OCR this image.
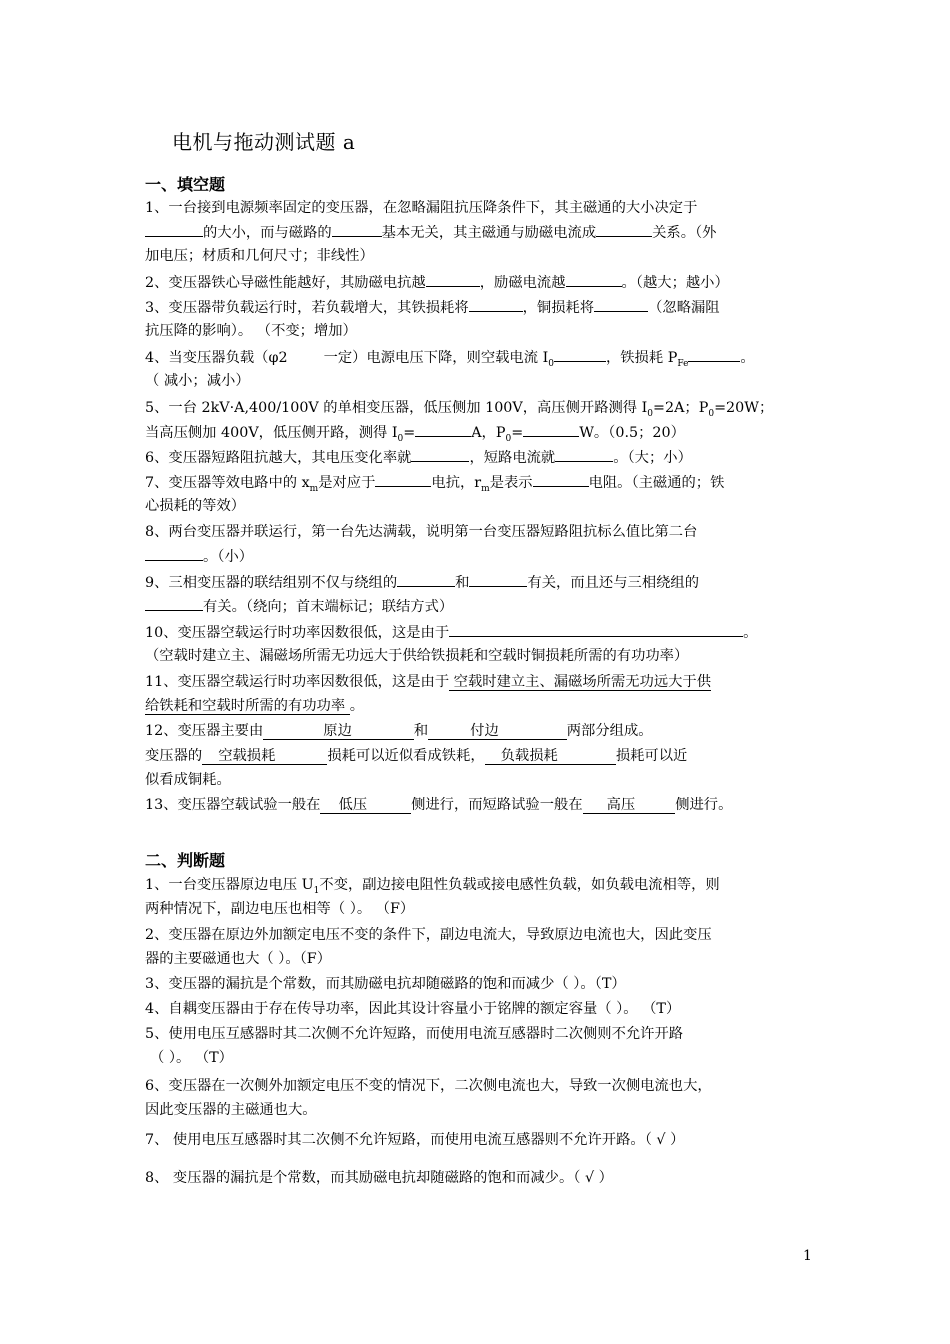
电机与拖动测试题 a
一、填空题
1、一台接到电源频率固定的变压器，在忽略漏阻抗压降条件下，其主磁通的大小决定于
的大小，而与磁路的	基本无关，其主磁通与励磁电流成	关系。（外
加电压；材质和几何尺寸；非线性）
2、变压器铁心导磁性能越好，其励磁电抗越	，励磁电流越	。（越大；越小）
3、变压器带负载运行时，若负载增大，其铁损耗将	，铜损耗将	（忽略漏阻
抗压降的影响）。 （不变；增加）
4、当变压器负载（φ2	一定）电源电压下降，则空载电流 $I_0$	，铁损耗 $P_{Fe}$	。
（ 减小；减小）
5、一台 2kV·A,400/100V 的单相变压器，低压侧加 100V，高压侧开路测得 $I_0=2A$；$P_0=20W$；
当高压侧加 400V，低压侧开路，测得 $I_0=$	A，$P_0=$	W。（0.5；20）
6、变压器短路阻抗越大，其电压变化率就	，短路电流就	。（大；小）
7、变压器等效电路中的 $x_m$是对应于	电抗，$r_m$是表示	电阻。（主磁通的；铁
心损耗的等效）
8、两台变压器并联运行，第一台先达满载，说明第一台变压器短路阻抗标么值比第二台
。（小）
9、三相变压器的联结组别不仅与绕组的	和	有关，而且还与三相绕组的
有关。（绕向；首末端标记；联结方式）
10、变压器空载运行时功率因数很低，这是由于	。
（空载时建立主、漏磁场所需无功远大于供给铁损耗和空载时铜损耗所需的有功功率）
11、变压器空载运行时功率因数很低，这是由于 空载时建立主、漏磁场所需无功远大于供
给铁耗和空载时所需的有功功率 。
12、变压器主要由	原边	和	付边	两部分组成。
变压器的 空载损耗	损耗可以近似看成铁耗， 负载损耗	损耗可以近
似看成铜耗。
13、变压器空载试验一般在 低压	侧进行，而短路试验一般在 高压	侧进行。
二、判断题
1、一台变压器原边电压 $U_1$不变，副边接电阻性负载或接电感性负载，如负载电流相等，则
两种情况下，副边电压也相等（ ）。 （F）
2、变压器在原边外加额定电压不变的条件下，副边电流大，导致原边电流也大，因此变压
器的主要磁通也大（ ）。（F）
3、变压器的漏抗是个常数，而其励磁电抗却随磁路的饱和而减少（ ）。（T）
4、自耦变压器由于存在传导功率，因此其设计容量小于铭牌的额定容量（ ）。 （T）
5、使用电压互感器时其二次侧不允许短路，而使用电流互感器时二次侧则不允许开路
（ ）。 （T）
6、变压器在一次侧外加额定电压不变的情况下，二次侧电流也大，导致一次侧电流也大，
因此变压器的主磁通也大。
7、 使用电压互感器时其二次侧不允许短路，而使用电流互感器则不允许开路。（ √ ）
8、 变压器的漏抗是个常数，而其励磁电抗却随磁路的饱和而减少。（ √ ）
1
